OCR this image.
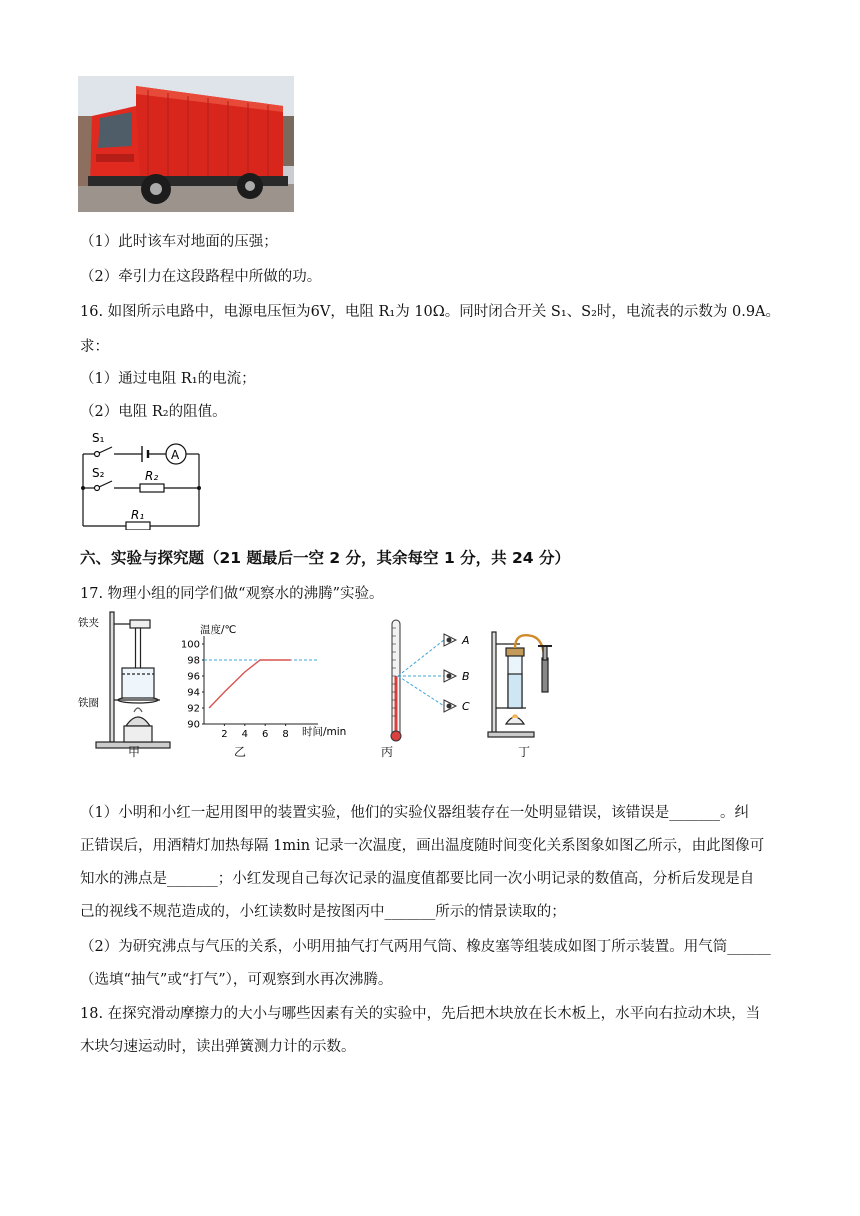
（1）此时该车对地面的压强；
（2）牵引力在这段路程中所做的功。
16. 如图所示电路中，电源电压恒为6V，电阻 R₁为 10Ω。同时闭合开关 S₁、S₂时，电流表的示数为 0.9A。
求：
（1）通过电阻 R₁的电流；
（2）电阻 R₂的阻值。
S₁
S₂
A
R₂
R₁
六、实验与探究题（21 题最后一空 2 分，其余每空 1 分，共 24 分）
17. 物理小组的同学们做“观察水的沸腾”实验。
铁夹
铁圈
甲
温度/℃
时间/min
100
98
96
94
92
90
2 4 6 8
乙
A
B
C
丙	丁
（1）小明和小红一起用图甲的装置实验，他们的实验仪器组装存在一处明显错误，该错误是_______。纠
正错误后，用酒精灯加热每隔 1min 记录一次温度，画出温度随时间变化关系图象如图乙所示，由此图像可
知水的沸点是_______；小红发现自己每次记录的温度值都要比同一次小明记录的数值高，分析后发现是自
己的视线不规范造成的，小红读数时是按图丙中_______所示的情景读取的；
（2）为研究沸点与气压的关系，小明用抽气打气两用气筒、橡皮塞等组装成如图丁所示装置。用气筒______
（选填“抽气”或“打气”），可观察到水再次沸腾。
18. 在探究滑动摩擦力的大小与哪些因素有关的实验中，先后把木块放在长木板上，水平向右拉动木块，当
木块匀速运动时，读出弹簧测力计的示数。
